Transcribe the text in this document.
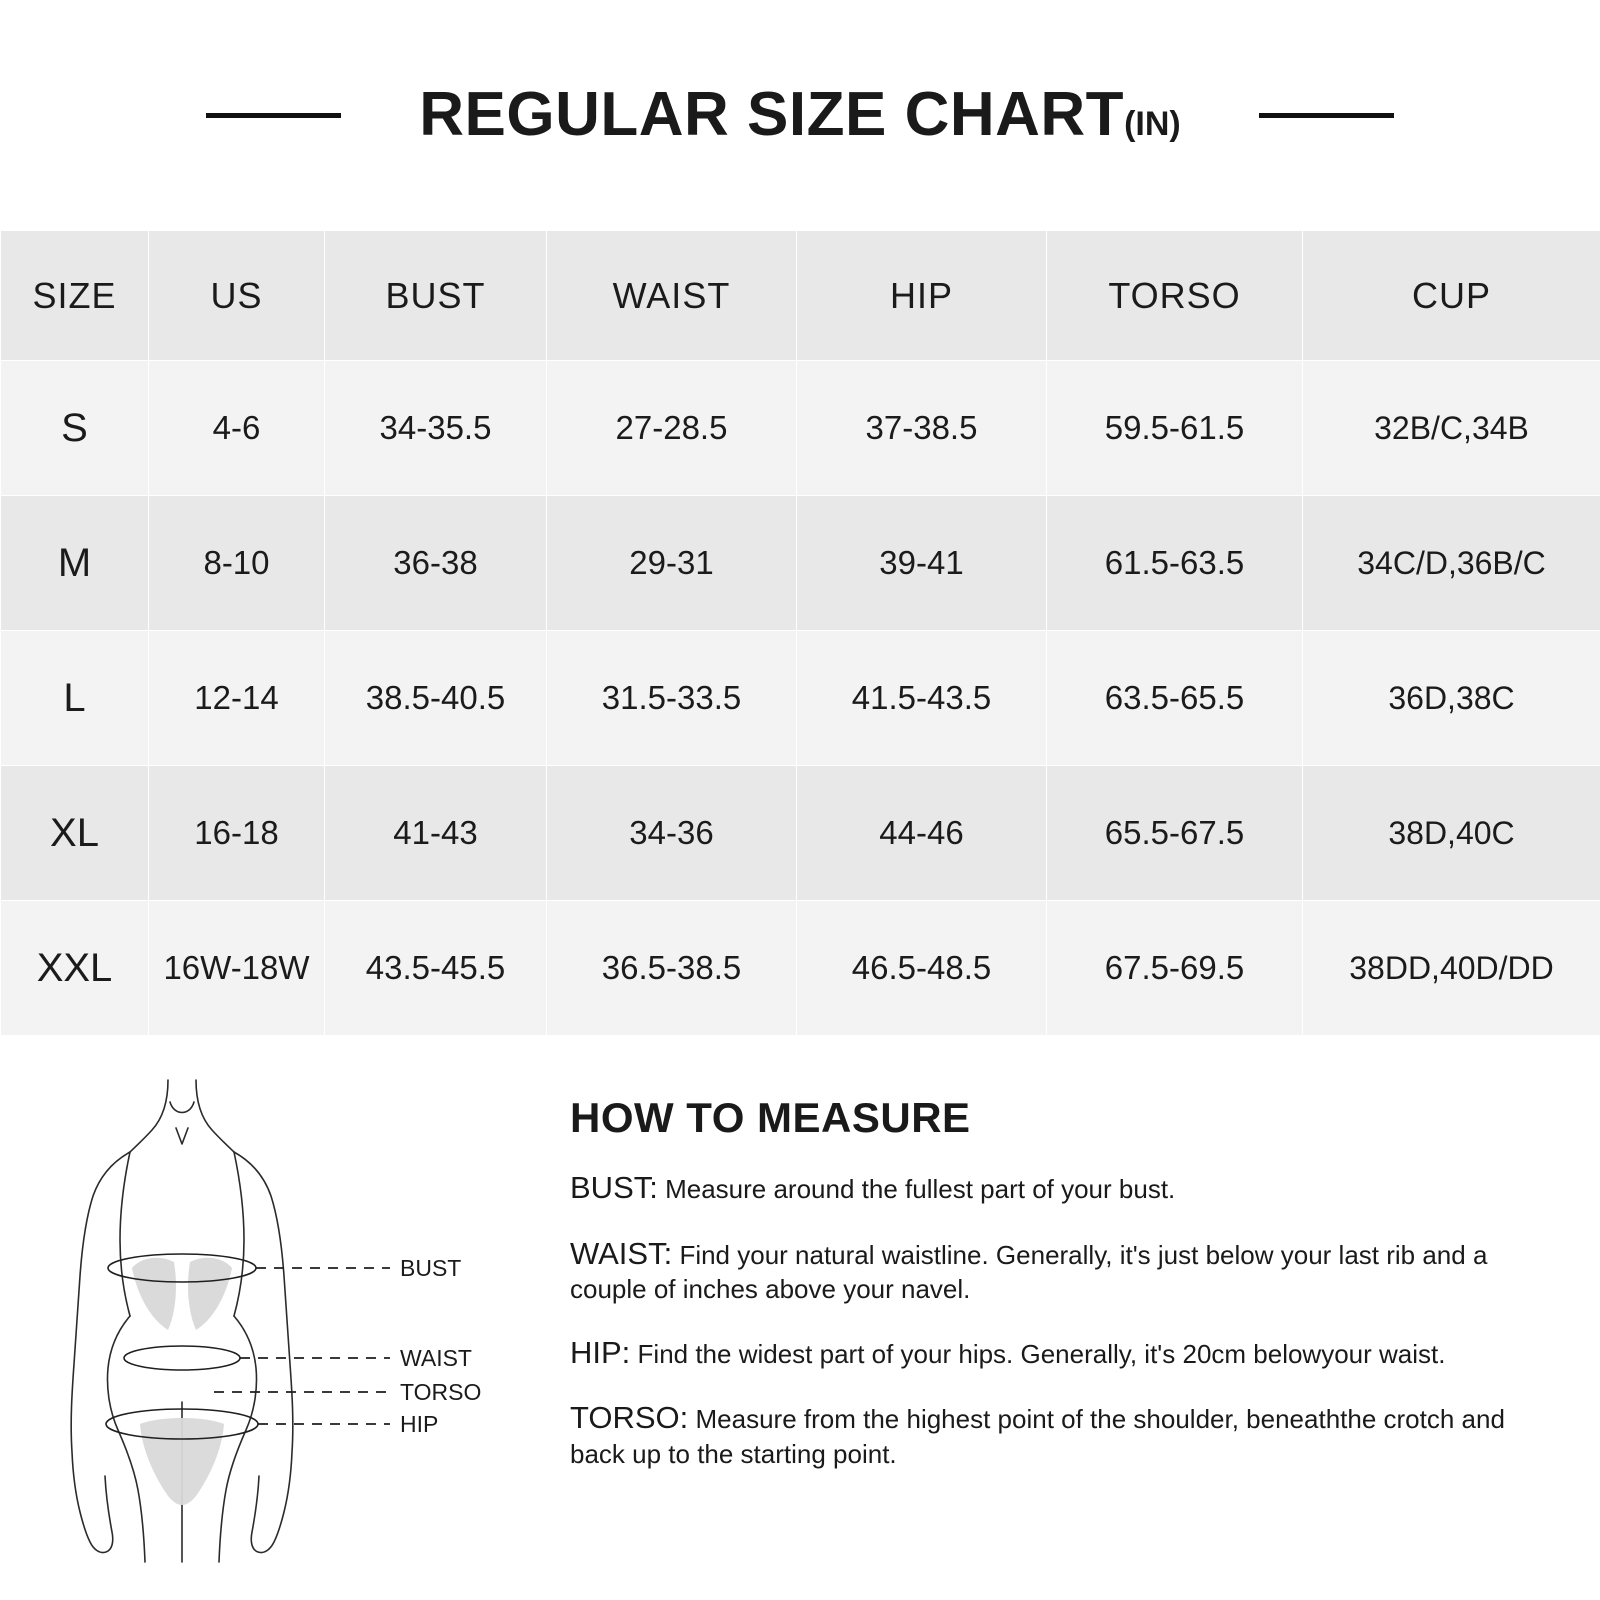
REGULAR SIZE CHART(IN)
SIZE	US	BUST	WAIST	HIP	TORSO	CUP
S	4-6	34-35.5	27-28.5	37-38.5	59.5-61.5	32B/C,34B
M	8-10	36-38	29-31	39-41	61.5-63.5	34C/D,36B/C
L	12-14	38.5-40.5	31.5-33.5	41.5-43.5	63.5-65.5	36D,38C
XL	16-18	41-43	34-36	44-46	65.5-67.5	38D,40C
XXL	16W-18W	43.5-45.5	36.5-38.5	46.5-48.5	67.5-69.5	38DD,40D/DD
BUST
WAIST
TORSO
HIP
HOW TO MEASURE
BUST: Measure around the fullest part of your bust.
WAIST: Find your natural waistline. Generally, it's just below your last rib and a couple of inches above your navel.
HIP: Find the widest part of your hips. Generally, it's 20cm belowyour waist.
TORSO: Measure from the highest point of the shoulder, beneaththe crotch and back up to the starting point.
